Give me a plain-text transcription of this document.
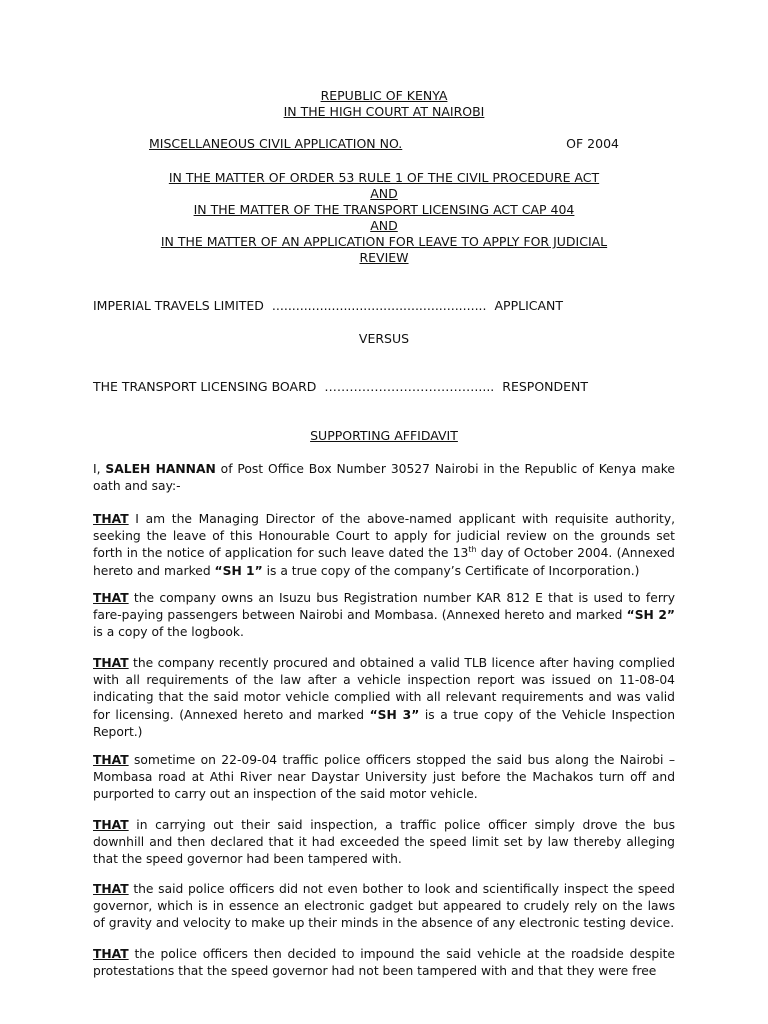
REPUBLIC OF KENYA
IN THE HIGH COURT AT NAIROBI
MISCELLANEOUS CIVIL APPLICATION NO.	OF 2004
IN THE MATTER OF ORDER 53 RULE 1 OF THE CIVIL PROCEDURE ACT
AND
IN THE MATTER OF THE TRANSPORT LICENSING ACT CAP 404
AND
IN THE MATTER OF AN APPLICATION FOR LEAVE TO APPLY FOR JUDICIAL
REVIEW
IMPERIAL TRAVELS LIMITED ...................................................... APPLICANT
VERSUS
THE TRANSPORT LICENSING BOARD ………………………………..... RESPONDENT
SUPPORTING AFFIDAVIT
I, SALEH HANNAN of Post Office Box Number 30527 Nairobi in the Republic of Kenya make oath and say:-
THAT I am the Managing Director of the above-named applicant with requisite authority, seeking the leave of this Honourable Court to apply for judicial review on the grounds set forth in the notice of application for such leave dated the 13th day of October 2004. (Annexed hereto and marked “SH 1” is a true copy of the company’s Certificate of Incorporation.)
THAT the company owns an Isuzu bus Registration number KAR 812 E that is used to ferry fare-paying passengers between Nairobi and Mombasa. (Annexed hereto and marked “SH 2” is a copy of the logbook.
THAT the company recently procured and obtained a valid TLB licence after having complied with all requirements of the law after a vehicle inspection report was issued on 11-08-04 indicating that the said motor vehicle complied with all relevant requirements and was valid for licensing. (Annexed hereto and marked “SH 3” is a true copy of the Vehicle Inspection Report.)
THAT sometime on 22-09-04 traffic police officers stopped the said bus along the Nairobi – Mombasa road at Athi River near Daystar University just before the Machakos turn off and purported to carry out an inspection of the said motor vehicle.
THAT in carrying out their said inspection, a traffic police officer simply drove the bus downhill and then declared that it had exceeded the speed limit set by law thereby alleging that the speed governor had been tampered with.
THAT the said police officers did not even bother to look and scientifically inspect the speed governor, which is in essence an electronic gadget but appeared to crudely rely on the laws of gravity and velocity to make up their minds in the absence of any electronic testing device.
THAT the police officers then decided to impound the said vehicle at the roadside despite protestations that the speed governor had not been tampered with and that they were free
